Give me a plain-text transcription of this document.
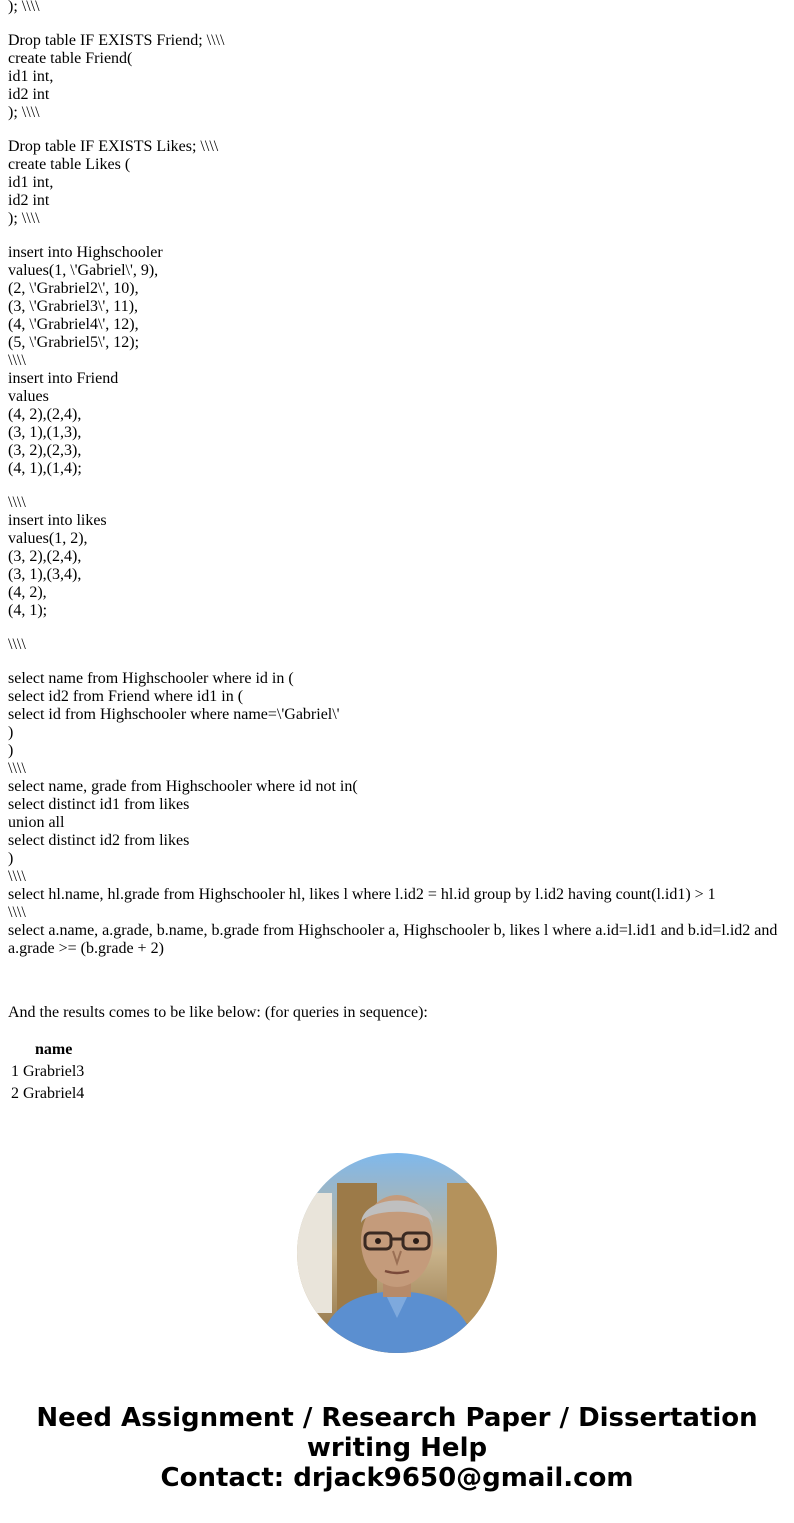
); \\\\
Drop table IF EXISTS Friend; \\\\
create table Friend(
id1 int,
id2 int
); \\\\
Drop table IF EXISTS Likes; \\\\
create table Likes (
id1 int,
id2 int
); \\\\
insert into Highschooler
values(1, \'Gabriel\', 9),
(2, \'Grabriel2\', 10),
(3, \'Grabriel3\', 11),
(4, \'Grabriel4\', 12),
(5, \'Grabriel5\', 12);
\\\\
insert into Friend
values
(4, 2),(2,4),
(3, 1),(1,3),
(3, 2),(2,3),
(4, 1),(1,4);
\\\\
insert into likes
values(1, 2),
(3, 2),(2,4),
(3, 1),(3,4),
(4, 2),
(4, 1);
\\\\
select name from Highschooler where id in (
select id2 from Friend where id1 in (
select id from Highschooler where name=\'Gabriel\'
)
)
\\\\
select name, grade from Highschooler where id not in(
select distinct id1 from likes
union all
select distinct id2 from likes
)
\\\\
select hl.name, hl.grade from Highschooler hl, likes l where l.id2 = hl.id group by l.id2 having count(l.id1) > 1
\\\\
select a.name, a.grade, b.name, b.grade from Highschooler a, Highschooler b, likes l where a.id=l.id1 and b.id=l.id2 and a.grade >= (b.grade + 2)
And the results comes to be like below: (for queries in sequence):
	name
1	Grabriel3
2	Grabriel4
Need Assignment / Research Paper / Dissertation
writing Help
Contact: drjack9650@gmail.com
